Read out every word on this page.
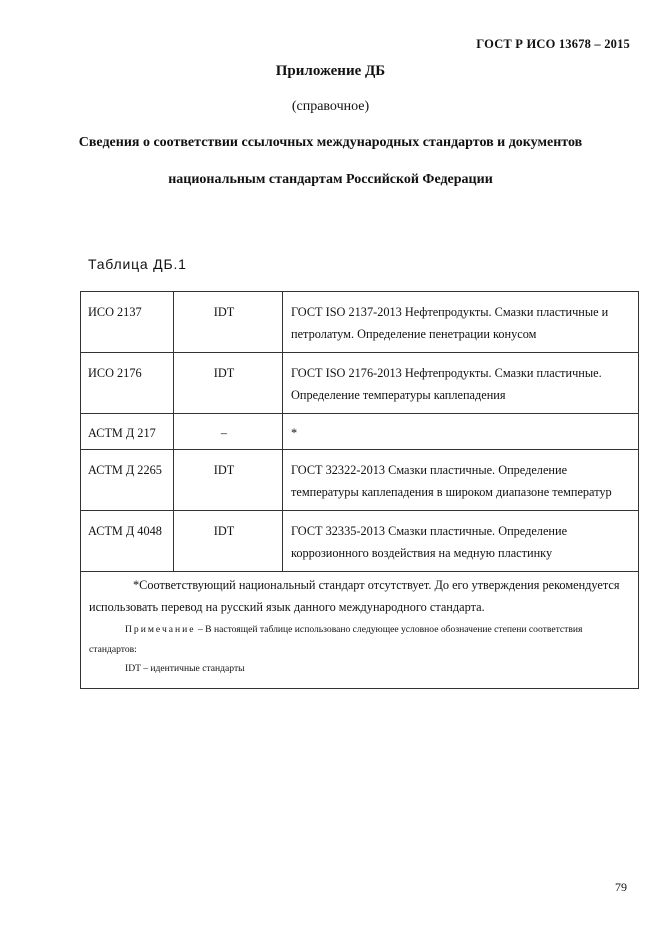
ГОСТ Р ИСО 13678 – 2015
Приложение ДБ
(справочное)
Сведения о соответствии ссылочных международных стандартов и документов
национальным стандартам Российской Федерации
Таблица ДБ.1
ИСО 2137	IDT	ГОСТ ISO 2137-2013 Нефтепродукты. Смазки пластичные и петролатум. Определение пенетрации конусом
ИСО 2176	IDT	ГОСТ ISO 2176-2013 Нефтепродукты. Смазки пластичные. Определение температуры каплепадения
АСТМ Д 217	–	*
АСТМ Д 2265	IDT	ГОСТ 32322-2013 Смазки пластичные. Определение температуры каплепадения в широком диапазоне температур
АСТМ Д 4048	IDT	ГОСТ 32335-2013 Смазки пластичные. Определение коррозионного воздействия на медную пластинку

*Соответствующий национальный стандарт отсутствует. До его утверждения рекомендуется использовать перевод на русский язык данного международного стандарта.

Примечание – В настоящей таблице использовано следующее условное обозначение степени соответствия стандартов:

IDT – идентичные стандарты		

79
